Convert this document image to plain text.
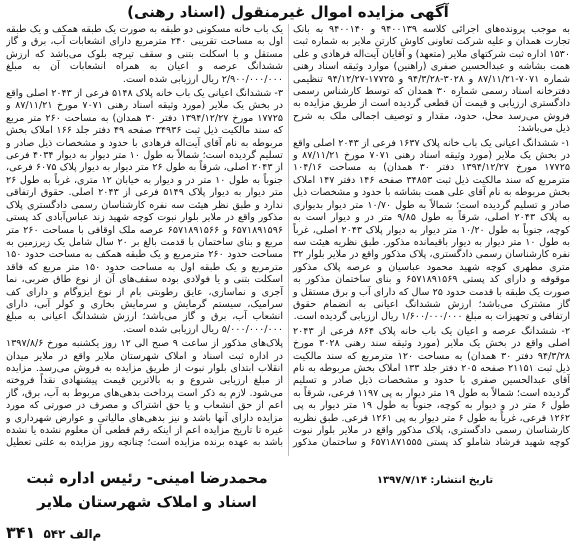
آگهی مزایده اموال غیرمنقول (اسناد رهنی)

به موجب پرونده‌های اجرائی کلاسه ۹۴۰۰۱۳۹ و ۹۴۰۰۱۴۰ به بانک تجارت همدان و علیه شرکت تعاونی کاوش کارتن ملایر به شماره ثبت ۱۵۳۰ اداره ثبت شرکتهای ملایر (متعهد) و آقایان آیت‌اله فرهادی و علی همت بشاشه و عبدالحسین صفری (راهنین) موارد وثیقه اسناد رهنی شماره ۷۰۷۱-۸۷/۱۱/۲۱ و ۳۰۲۸-۹۴/۳/۲۸ و ۱۷۷۲۵-۹۴/۱۲/۲۷ تنظیمی دفترخانه اسناد رسمی شماره ۳۰ همدان که توسط کارشناس رسمی دادگستری ارزیابی و قیمت آن قطعی گردیده است از طریق مزایده به فروش می‌رسد محل، حدود، مقدار و توصیف اجمالی ملک به شرح ذیل می‌باشد:

۱- ششدانگ اعیانی یک باب خانه پلاک ۱۶۳۷ فرعی از ۲۰۴۳ اصلی واقع در بخش یک ملایر (مورد وثیقه اسناد رهنی ۷۰۷۱ مورخ ۸۷/۱۱/۲۱ و ۱۷۷۲۵ مورخ ۱۳۹۴/۱۲/۲۷ دفتر ۳۰ همدان) به مساحت ۱۰۴/۱۶ مترمربع که سند مالکیت ذیل ثبت ۳۴۸۵۳ صفحه ۱۴۶ دفتر ۱۴۷ املاک بخش مربوطه به نام آقای علی همت بشاشه با حدود و مشخصات ذیل صادر و تسلیم گردیده است؛ شمالاً به طول ۱۰/۷۰ متر دیوار بدیواری به پلاک ۲۰۴۳ اصلی، شرقاً به طول ۹/۸۵ متر در و دیوار است به کوچه، جنوباً به طول ۱۰/۲۰ متر دیوار به دیوار پلاک ۲۰۴۳ اصلی، غرباً به طول ۱۰ متر دیوار به دیوار باقیمانده مذکور. طبق نظریه هیئت سه نفره کارشناسان رسمی دادگستری، پلاک مذکور واقع در ملایر بلوار ۳۲ متری مطهری کوچه شهید محمود عباسیان و عرصه پلاک مذکور موقوفه و دارای کد پستی ۶۵۷۱۸۹۱۵۶۹ و بنای ساختمان مذکور به صورت یک طبقه با قدمت حدود ۲۵ سال که دارای آب و برق مستقل و گاز مشترک می‌باشد؛ ارزش ششدانگ اعیانی به انضمام حقوق ارتفاقی و تجهیزات به مبلغ ۱/۶۰۰/۰۰۰/۰۰۰ ریال ارزیابی گردیده است.

۲- ششدانگ عرصه و اعیان یک باب خانه پلاک ۸۶۴ فرعی از ۲۰۴۳ اصلی واقع در بخش یک ملایر (مورد وثیقه سند رهنی ۳۰۲۸ مورخ ۹۴/۳/۲۸ دفتر ۳۰ همدان) به مساحت ۱۲۰ مترمربع که سند مالکیت ذیل ثبت ۲۱۱۵۱ صفحه ۲۰۵ دفتر جلد ۱۳۳ املاک بخش مربوطه به نام آقای عبدالحسین صفری با حدود و مشخصات ذیل صادر و تسلیم گردیده است؛ شمالاً به طول ۱۹ متر دیوار به پی ۱۱۹۷ فرعی، شرقاً به طول ۶ متر در و دیوار به کوچه، جنوباً به طول ۱۹ متر دیوار به پی ۱۲۶۲ فرعی، غرباً به طول ۶ متر دیوار به پی ۱۲۶۱ فرعی. طبق نظریه کارشناسان رسمی دادگستری، پلاک مذکور واقع در ملایر بلوار نبوت کوچه شهید فرشاد شاملو کد پستی ۶۵۷۱۸۷۱۵۵۵ و ساختمان مذکور یک باب خانه مسکونی دو طبقه به صورت یک طبقه همکف و یک طبقه اول به مساحت تقریبی ۲۴۰ مترمربع دارای انشعابات آب، برق و گاز مستقل و با اسکلت بتنی و سقف تیرچه بلوک می‌باشد که ارزش ششدانگ عرصه و اعیان به همراه انشعابات آن به مبلغ ۲/۹۰۰/۰۰۰/۰۰۰ ریال ارزیابی شده است.

۳- ششدانگ اعیانی یک باب خانه پلاک ۵۱۴۸ فرعی از ۲۰۴۳ اصلی واقع در بخش یک ملایر (مورد وثیقه اسناد رهنی ۷۰۷۱ مورخ ۸۷/۱۱/۲۱ و ۱۷۷۲۵ مورخ ۱۳۹۴/۱۲/۲۷ دفتر ۳۰ همدان) به مساحت ۲۶۰ متر مربع که سند مالکیت ذیل ثبت ۳۴۹۳۶ صفحه ۴۹ دفتر جلد ۱۶۶ املاک بخش مربوطه به نام آقای آیت‌اله فرهادی با حدود و مشخصات ذیل صادر و تسلیم گردیده است؛ شمالاً به طول ۱۰ متر دیوار به دیوار ۴۰۳۴ فرعی از ۲۰۴۳ اصلی، شرقاً به طول ۲۶ متر دیوار به دیوار پلاک ۶۰۷۵ فرعی، جنوباً به طول ۱۰ متر در و دیوار به خیابان ۱۲ متری، غرباً به طول ۲۶ متر دیوار به دیوار پلاک ۵۱۴۹ فرعی از ۲۰۴۳ اصلی. حقوق ارتفاقی ندارد و طبق نظر هیئت سه نفره کارشناسان رسمی دادگستری پلاک مذکور واقع در ملایر بلوار نبوت کوچه شهید زند عباس‌آبادی کد پستی ۶۵۷۱۸۹۱۵۹۶ و ۶۵۷۱۸۹۱۵۶۶ عرصه ملک اوقافی با مساحت ۲۶۰ متر مربع و بنای ساختمان با قدمت بالغ بر ۲۰ سال شامل یک زیرزمین به مساحت حدود ۲۶۰ مترمربع و یک طبقه همکف به مساحت حدود ۱۵۰ مترمربع و یک طبقه اول به مساحت حدود ۱۵۰ متر مربع که فاقد اسکلت بتنی و یا فولادی بوده سقف‌های آن از نوع طاق ضربی، نما آجری و نماسازی، عایق رطوبتی بام از نوع ایزوگام و دارای کف سرامیک، سیستم گرمایش و سرمایش بخاری و کولر آبی، دارای انشعاب آب، برق و گاز می‌باشد؛ ارزش ششدانگ اعیانی به مبلغ ۵/۰۰۰/۰۰۰/۰۰۰ ریال ارزیابی شده است.

پلاک‌های مذکور از ساعت ۹ صبح الی ۱۲ روز یکشنبه مورخ ۱۳۹۷/۸/۶ در اداره ثبت اسناد و املاک شهرستان ملایر واقع در ملایر میدان انقلاب ابتدای بلوار نبوت از طریق مزایده به فروش می‌رسد. مزایده از مبلغ ارزیابی شروع و به بالاترین قیمت پیشنهادی نقداً فروخته می‌شود. لازم به ذکر است پرداخت بدهی‌های مربوط به آب، برق، گاز اعم از حق انشعاب و یا حق اشتراک و مصرف در صورتی که مورد مزایده دارای آنها باشد و نیز بدهی‌های مالیاتی و عوارض شهرداری و غیره تا تاریخ مزایده اعم از اینکه رقم قطعی آن معلوم نشده یا نشده باشد به عهده برنده مزایده است؛ چنانچه روز مزایده به علتی تعطیل

تاریخ انتشار: ۱۳۹۷/۷/۱۴
محمدرضا امینی- رئیس اداره ثبت
اسناد و املاک شهرستان ملایر
م‌الف ۵۴۲ ۳۴۱
